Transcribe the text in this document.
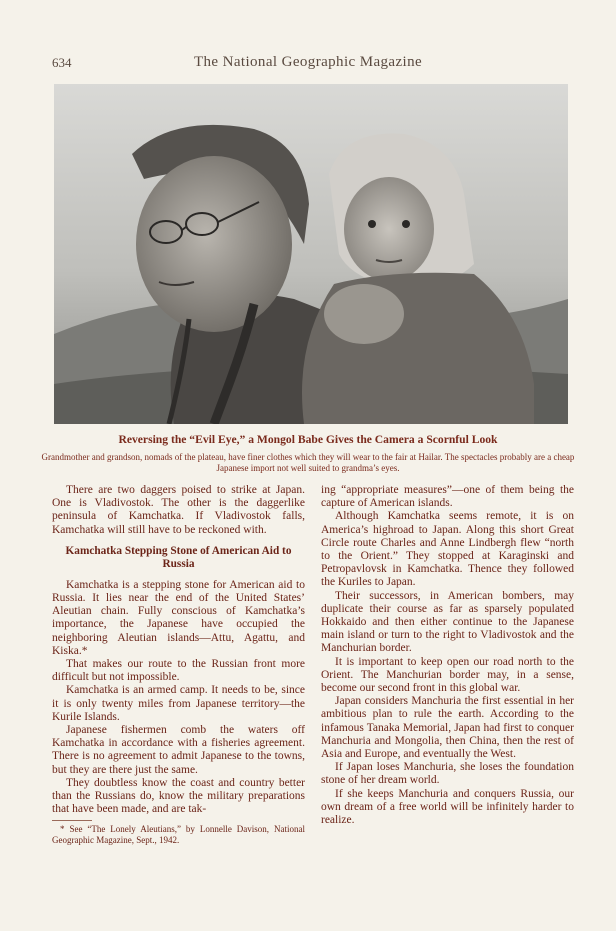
634	The National Geographic Magazine
Reversing the “Evil Eye,” a Mongol Babe Gives the Camera a Scornful Look
Grandmother and grandson, nomads of the plateau, have finer clothes which they will wear to the fair at Hailar. The spectacles probably are a cheap Japanese import not well suited to grandma’s eyes.

There are two daggers poised to strike at Japan. One is Vladivostok. The other is the daggerlike peninsula of Kamchatka. If Vladivostok falls, Kamchatka will still have to be reckoned with.

Kamchatka Stepping Stone of American Aid to Russia

Kamchatka is a stepping stone for American aid to Russia. It lies near the end of the United States’ Aleutian chain. Fully conscious of Kamchatka’s importance, the Japanese have occupied the neighboring Aleutian islands—Attu, Agattu, and Kiska.*

That makes our route to the Russian front more difficult but not impossible.

Kamchatka is an armed camp. It needs to be, since it is only twenty miles from Japanese territory—the Kurile Islands.

Japanese fishermen comb the waters off Kamchatka in accordance with a fisheries agreement. There is no agreement to admit Japanese to the towns, but they are there just the same.

They doubtless know the coast and country better than the Russians do, know the military preparations that have been made, and are tak-

* See “The Lonely Aleutians,” by Lonnelle Davison, National Geographic Magazine, Sept., 1942.

ing “appropriate measures”—one of them being the capture of American islands.

Although Kamchatka seems remote, it is on America’s highroad to Japan. Along this short Great Circle route Charles and Anne Lindbergh flew “north to the Orient.” They stopped at Karaginski and Petropavlovsk in Kamchatka. Thence they followed the Kuriles to Japan.

Their successors, in American bombers, may duplicate their course as far as sparsely populated Hokkaido and then either continue to the Japanese main island or turn to the right to Vladivostok and the Manchurian border.

It is important to keep open our road north to the Orient. The Manchurian border may, in a sense, become our second front in this global war.

Japan considers Manchuria the first essential in her ambitious plan to rule the earth. According to the infamous Tanaka Memorial, Japan had first to conquer Manchuria and Mongolia, then China, then the rest of Asia and Europe, and eventually the West.

If Japan loses Manchuria, she loses the foundation stone of her dream world.

If she keeps Manchuria and conquers Russia, our own dream of a free world will be infinitely harder to realize.
